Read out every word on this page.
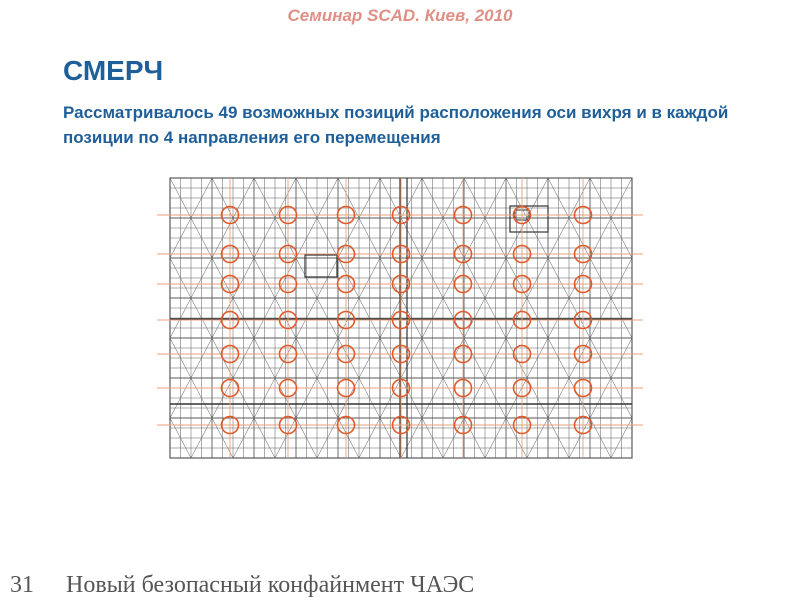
Семинар SCAD. Киев, 2010
СМЕРЧ
Рассматривалось 49 возможных позиций расположения оси вихря и в каждой позиции по 4 направления его перемещения
31 Новый безопасный конфайнмент ЧАЭС
